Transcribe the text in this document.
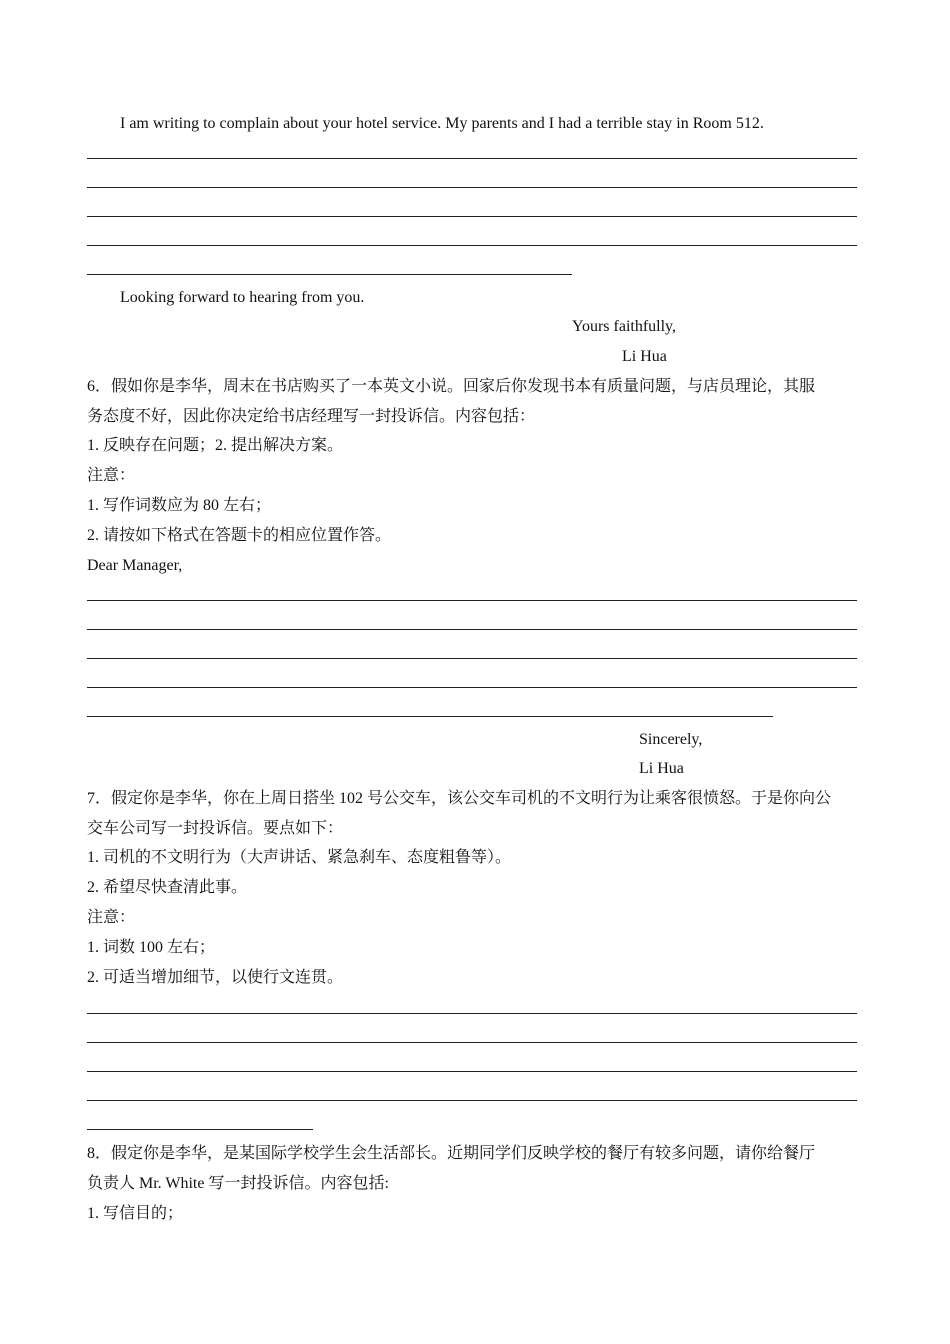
I am writing to complain about your hotel service. My parents and I had a terrible stay in Room 512.
Looking forward to hearing from you.
Yours faithfully,
Li Hua
6．假如你是李华，周末在书店购买了一本英文小说。回家后你发现书本有质量问题，与店员理论，其服
务态度不好，因此你决定给书店经理写一封投诉信。内容包括：
1. 反映存在问题；2. 提出解决方案。
注意：
1. 写作词数应为 80 左右；
2. 请按如下格式在答题卡的相应位置作答。
Dear Manager,
Sincerely,
Li Hua
7．假定你是李华，你在上周日搭坐 102 号公交车，该公交车司机的不文明行为让乘客很愤怒。于是你向公
交车公司写一封投诉信。要点如下：
1. 司机的不文明行为（大声讲话、紧急刹车、态度粗鲁等）。
2. 希望尽快查清此事。
注意：
1. 词数 100 左右；
2. 可适当增加细节，以使行文连贯。
8．假定你是李华，是某国际学校学生会生活部长。近期同学们反映学校的餐厅有较多问题，请你给餐厅
负责人 Mr. White 写一封投诉信。内容包括:
1. 写信目的；
